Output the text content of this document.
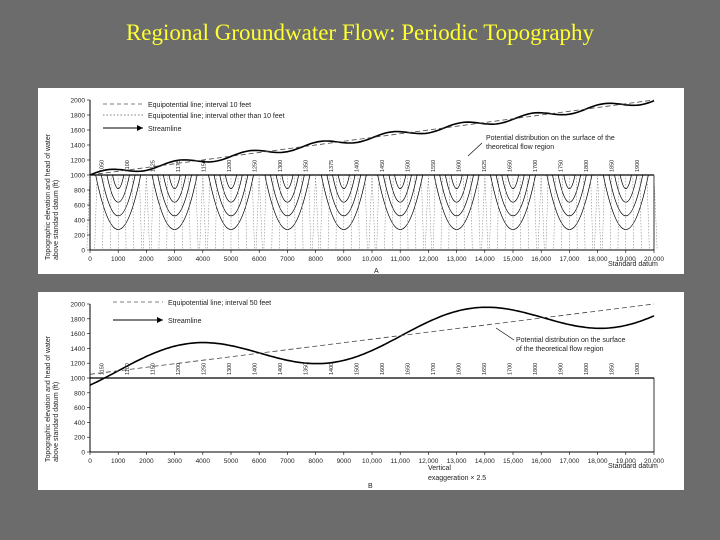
Regional Groundwater Flow: Periodic Topography
Topographic elevation and head of water above standard datum (ft)
2000
1800
1600
1400
1200
1000
800
600
400
200
0
0	1000 2000 3000 4000 5000 6000 7000 8000 9000 10,000 11,000 12,000 13,000 14,000 15,000 16,000 17,000 18,000 19,000 20,000
1050	1100	1125	1175	1150	1200	1250	1300	1350	1375	1400	1450	1500	1550	1600	1625	1650	1700	1750	1800	1850	1900
Equipotential line; interval 10 feet
Equipotential line; interval other than 10 feet
Streamline
Potential distribution on the surface of the
theoretical flow region
Standard datum
A
Topographic elevation and head of water above standard datum (ft)
2000
1800
1600
1400
1200
1000
800
600
400
200
0
0	1000 2000 3000 4000 5000 6000 7000 8000 9000 10,000 11,000 12,000 13,000 14,000 15,000 16,000 17,000 18,000 19,000 20,000
1150	1100	1150	1200	1250	1300	1400	1400	1350	1400	1500	1600	1650	1700	1600	1650	1700	1800	1900	1800	1850	1900
Equipotential line; interval 50 feet
Streamline
Potential distribution on the surface
of the theoretical flow region
Vertical
exaggeration × 2.5
Standard datum
B
